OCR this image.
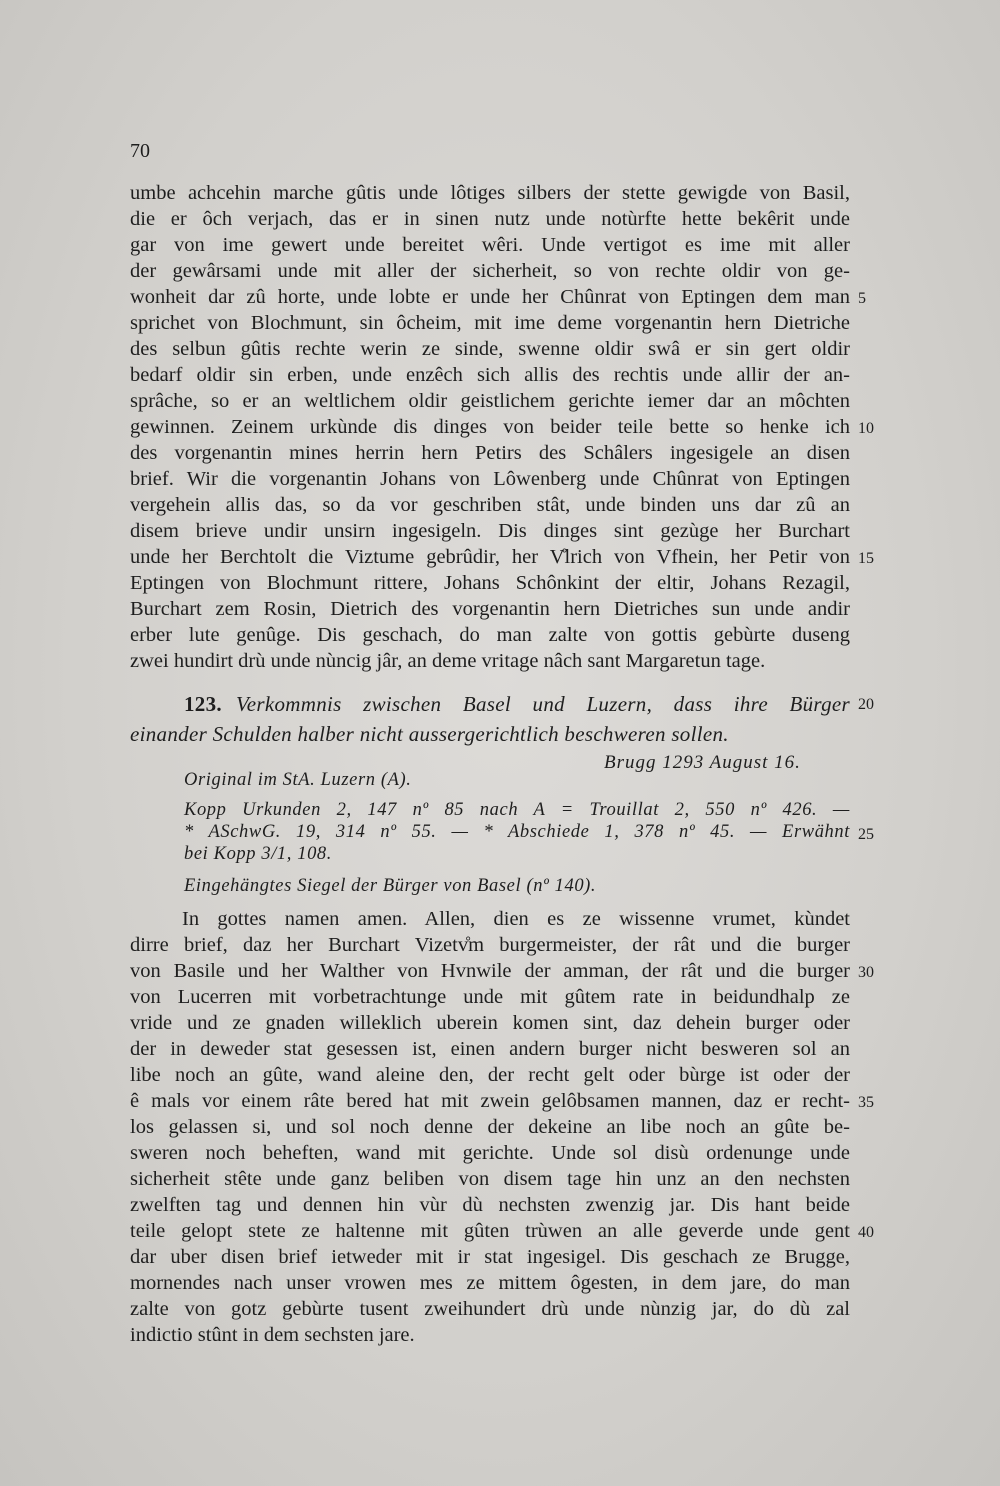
70
umbe achcehin marche gûtis unde lôtiges silbers der stette gewigde von Basil,
die er ôch verjach, das er in sinen nutz unde notùrfte hette bekêrit unde
gar von ime gewert unde bereitet wêri. Unde vertigot es ime mit aller
der gewârsami unde mit aller der sicherheit, so von rechte oldir von ge-
wonheit dar zû horte, unde lobte er unde her Chûnrat von Eptingen dem man
sprichet von Blochmunt, sin ôcheim, mit ime deme vorgenantin hern Dietriche
des selbun gûtis rechte werin ze sinde, swenne oldir swâ er sin gert oldir
bedarf oldir sin erben, unde enzêch sich allis des rechtis unde allir der an-
sprâche, so er an weltlichem oldir geistlichem gerichte iemer dar an môchten
gewinnen. Zeinem urkùnde dis dinges von beider teile bette so henke ich
des vorgenantin mines herrin hern Petirs des Schâlers ingesigele an disen
brief. Wir die vorgenantin Johans von Lôwenberg unde Chûnrat von Eptingen
vergehein allis das, so da vor geschriben stât, unde binden uns dar zû an
disem brieve undir unsirn ingesigeln. Dis dinges sint gezùge her Burchart
unde her Berchtolt die Viztume gebrûdir, her V̊lrich von Vfhein, her Petir von
Eptingen von Blochmunt rittere, Johans Schônkint der eltir, Johans Rezagil,
Burchart zem Rosin, Dietrich des vorgenantin hern Dietriches sun unde andir
erber lute genûge. Dis geschach, do man zalte von gottis gebùrte duseng
zwei hundirt drù unde nùncig jâr, an deme vritage nâch sant Margaretun tage.
5
10
15
123. Verkommnis zwischen Basel und Luzern, dass ihre Bürger
einander Schulden halber nicht aussergerichtlich beschweren sollen.
Brugg 1293 August 16.
20
Original im StA. Luzern (A).
Kopp Urkunden 2, 147 nº 85 nach A = Trouillat 2, 550 nº 426. —
* ASchwG. 19, 314 nº 55. — * Abschiede 1, 378 nº 45. — Erwähnt
bei Kopp 3/1, 108.
25
Eingehängtes Siegel der Bürger von Basel (nº 140).
In gottes namen amen. Allen, dien es ze wissenne vrumet, kùndet
dirre brief, daz her Burchart Vizetv̊m burgermeister, der rât und die burger
von Basile und her Walther von Hvnwile der amman, der rât und die burger
von Lucerren mit vorbetrachtunge unde mit gûtem rate in beidundhalp ze
vride und ze gnaden willeklich uberein komen sint, daz dehein burger oder
der in deweder stat gesessen ist, einen andern burger nicht besweren sol an
libe noch an gûte, wand aleine den, der recht gelt oder bùrge ist oder der
ê mals vor einem râte bered hat mit zwein gelôbsamen mannen, daz er recht-
los gelassen si, und sol noch denne der dekeine an libe noch an gûte be-
sweren noch beheften, wand mit gerichte. Unde sol disù ordenunge unde
sicherheit stête unde ganz beliben von disem tage hin unz an den nechsten
zwelften tag und dennen hin vùr dù nechsten zwenzig jar. Dis hant beide
teile gelopt stete ze haltenne mit gûten trùwen an alle geverde unde gent
dar uber disen brief ietweder mit ir stat ingesigel. Dis geschach ze Brugge,
mornendes nach unser vrowen mes ze mittem ôgesten, in dem jare, do man
zalte von gotz gebùrte tusent zweihundert drù unde nùnzig jar, do dù zal
indictio stûnt in dem sechsten jare.
30
35
40
